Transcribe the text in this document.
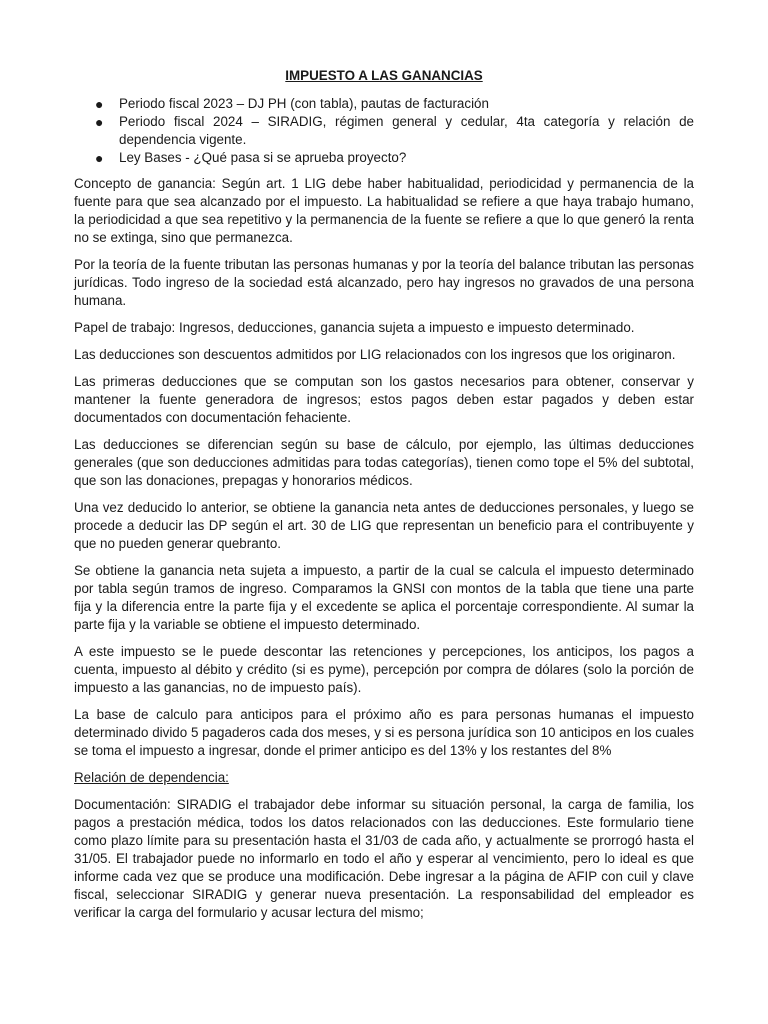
IMPUESTO A LAS GANANCIAS
● Periodo fiscal 2023 – DJ PH (con tabla), pautas de facturación
● Periodo fiscal 2024 – SIRADIG, régimen general y cedular, 4ta categoría y relación de dependencia vigente.
● Ley Bases - ¿Qué pasa si se aprueba proyecto?

Concepto de ganancia: Según art. 1 LIG debe haber habitualidad, periodicidad y permanencia de la fuente para que sea alcanzado por el impuesto. La habitualidad se refiere a que haya trabajo humano, la periodicidad a que sea repetitivo y la permanencia de la fuente se refiere a que lo que generó la renta no se extinga, sino que permanezca.

Por la teoría de la fuente tributan las personas humanas y por la teoría del balance tributan las personas jurídicas. Todo ingreso de la sociedad está alcanzado, pero hay ingresos no gravados de una persona humana.

Papel de trabajo: Ingresos, deducciones, ganancia sujeta a impuesto e impuesto determinado.

Las deducciones son descuentos admitidos por LIG relacionados con los ingresos que los originaron.

Las primeras deducciones que se computan son los gastos necesarios para obtener, conservar y mantener la fuente generadora de ingresos; estos pagos deben estar pagados y deben estar documentados con documentación fehaciente.

Las deducciones se diferencian según su base de cálculo, por ejemplo, las últimas deducciones generales (que son deducciones admitidas para todas categorías), tienen como tope el 5% del subtotal, que son las donaciones, prepagas y honorarios médicos.

Una vez deducido lo anterior, se obtiene la ganancia neta antes de deducciones personales, y luego se procede a deducir las DP según el art. 30 de LIG que representan un beneficio para el contribuyente y que no pueden generar quebranto.

Se obtiene la ganancia neta sujeta a impuesto, a partir de la cual se calcula el impuesto determinado por tabla según tramos de ingreso. Comparamos la GNSI con montos de la tabla que tiene una parte fija y la diferencia entre la parte fija y el excedente se aplica el porcentaje correspondiente. Al sumar la parte fija y la variable se obtiene el impuesto determinado.

A este impuesto se le puede descontar las retenciones y percepciones, los anticipos, los pagos a cuenta, impuesto al débito y crédito (si es pyme), percepción por compra de dólares (solo la porción de impuesto a las ganancias, no de impuesto país).

La base de calculo para anticipos para el próximo año es para personas humanas el impuesto determinado divido 5 pagaderos cada dos meses, y si es persona jurídica son 10 anticipos en los cuales se toma el impuesto a ingresar, donde el primer anticipo es del 13% y los restantes del 8%

Relación de dependencia:

Documentación: SIRADIG el trabajador debe informar su situación personal, la carga de familia, los pagos a prestación médica, todos los datos relacionados con las deducciones. Este formulario tiene como plazo límite para su presentación hasta el 31/03 de cada año, y actualmente se prorrogó hasta el 31/05. El trabajador puede no informarlo en todo el año y esperar al vencimiento, pero lo ideal es que informe cada vez que se produce una modificación. Debe ingresar a la página de AFIP con cuil y clave fiscal, seleccionar SIRADIG y generar nueva presentación. La responsabilidad del empleador es verificar la carga del formulario y acusar lectura del mismo;
